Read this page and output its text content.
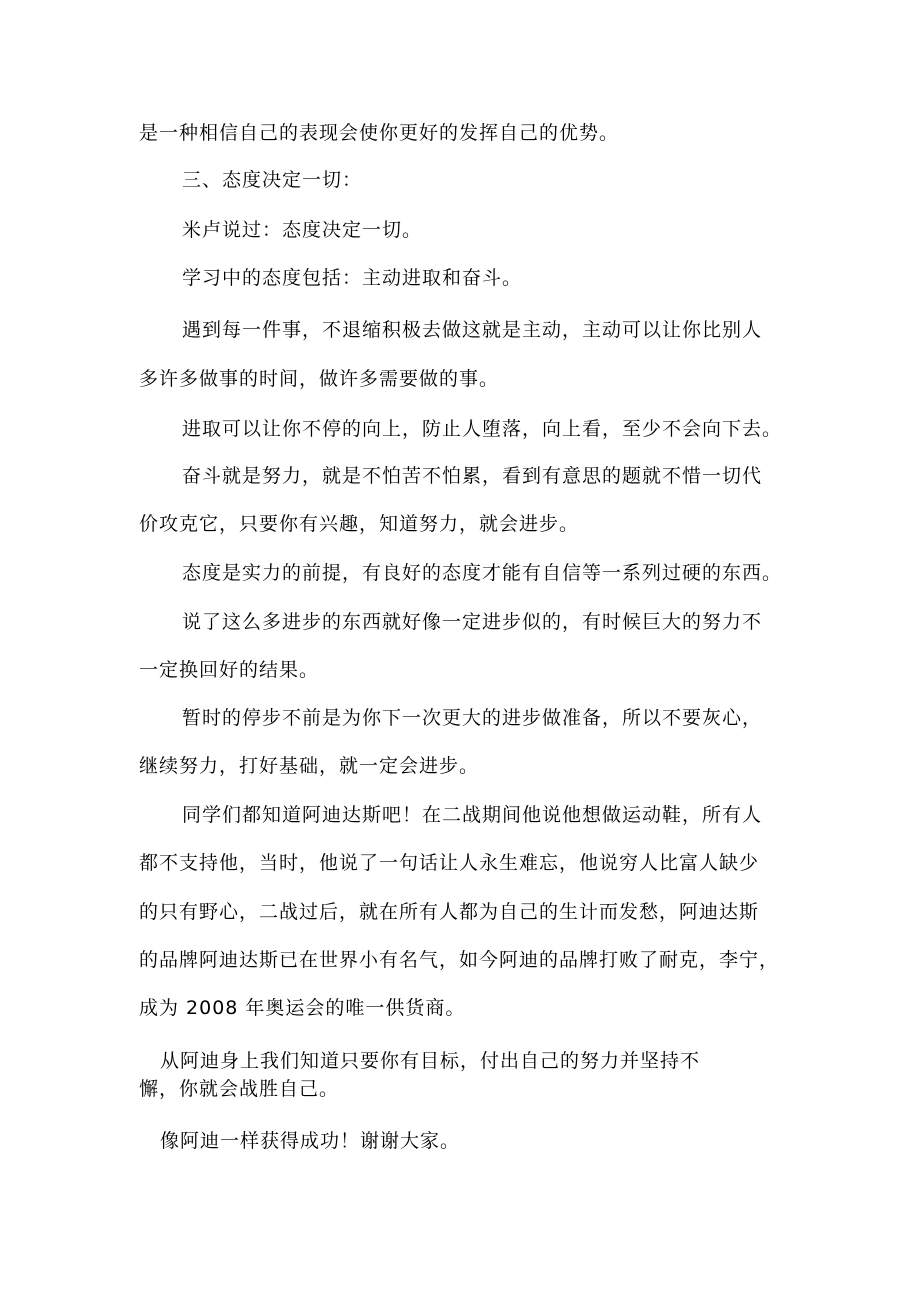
是一种相信自己的表现会使你更好的发挥自己的优势。
三、态度决定一切：
米卢说过：态度决定一切。
学习中的态度包括：主动进取和奋斗。
遇到每一件事，不退缩积极去做这就是主动，主动可以让你比别人
多许多做事的时间，做许多需要做的事。
进取可以让你不停的向上，防止人堕落，向上看，至少不会向下去。
奋斗就是努力，就是不怕苦不怕累，看到有意思的题就不惜一切代
价攻克它，只要你有兴趣，知道努力，就会进步。
态度是实力的前提，有良好的态度才能有自信等一系列过硬的东西。
说了这么多进步的东西就好像一定进步似的，有时候巨大的努力不
一定换回好的结果。
暂时的停步不前是为你下一次更大的进步做准备，所以不要灰心，
继续努力，打好基础，就一定会进步。
同学们都知道阿迪达斯吧！在二战期间他说他想做运动鞋，所有人
都不支持他，当时，他说了一句话让人永生难忘，他说穷人比富人缺少
的只有野心，二战过后，就在所有人都为自己的生计而发愁，阿迪达斯
的品牌阿迪达斯已在世界小有名气，如今阿迪的品牌打败了耐克，李宁，
成为 2008 年奥运会的唯一供货商。
从阿迪身上我们知道只要你有目标，付出自己的努力并坚持不
懈，你就会战胜自己。
像阿迪一样获得成功！谢谢大家。
